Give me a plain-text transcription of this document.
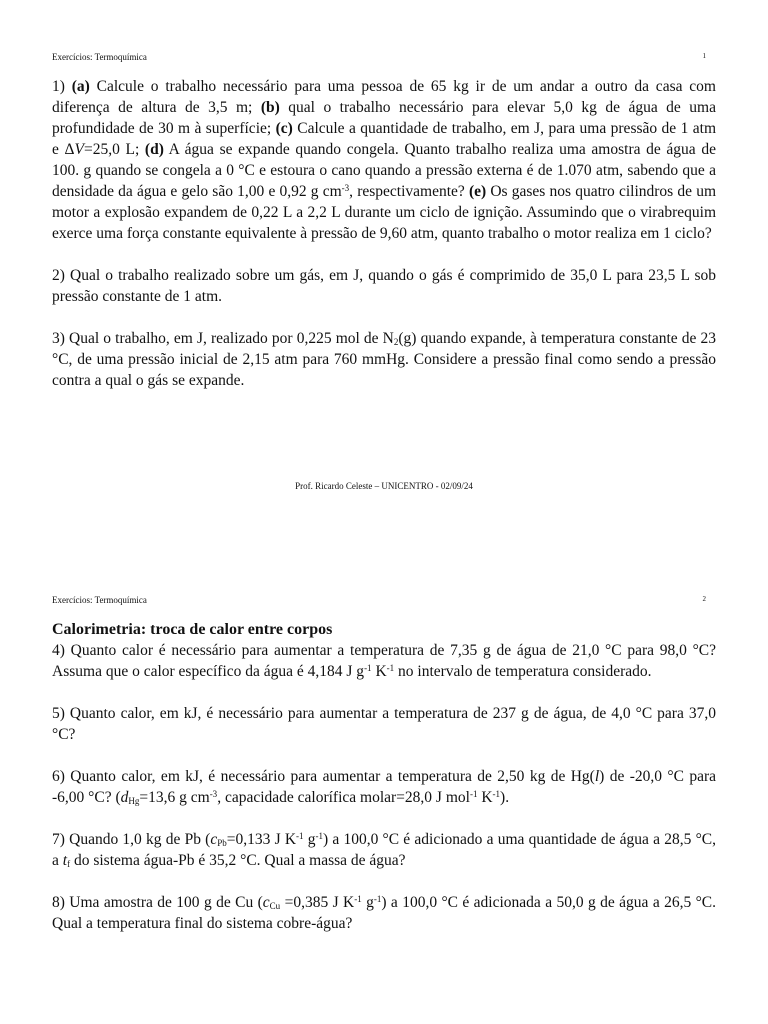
Exercícios: Termoquímica	1

1) (a) Calcule o trabalho necessário para uma pessoa de 65 kg ir de um andar a outro da casa com diferença de altura de 3,5 m; (b) qual o trabalho necessário para elevar 5,0 kg de água de uma profundidade de 30 m à superfície; (c) Calcule a quantidade de trabalho, em J, para uma pressão de 1 atm e ΔV=25,0 L; (d) A água se expande quando congela. Quanto trabalho realiza uma amostra de água de 100. g quando se congela a 0 °C e estoura o cano quando a pressão externa é de 1.070 atm, sabendo que a densidade da água e gelo são 1,00 e 0,92 g $cm^{-3}$, respectivamente? (e) Os gases nos quatro cilindros de um motor a explosão expandem de 0,22 L a 2,2 L durante um ciclo de ignição. Assumindo que o virabrequim exerce uma força constante equivalente à pressão de 9,60 atm, quanto trabalho o motor realiza em 1 ciclo?

2) Qual o trabalho realizado sobre um gás, em J, quando o gás é comprimido de 35,0 L para 23,5 L sob pressão constante de 1 atm.

3) Qual o trabalho, em J, realizado por 0,225 mol de $N_2(g)$ quando expande, à temperatura constante de 23 °C, de uma pressão inicial de 2,15 atm para 760 mmHg. Considere a pressão final como sendo a pressão contra a qual o gás se expande.

Prof. Ricardo Celeste – UNICENTRO - 02/09/24
Exercícios: Termoquímica	2

Calorimetria: troca de calor entre corpos

4) Quanto calor é necessário para aumentar a temperatura de 7,35 g de água de 21,0 °C para 98,0 °C? Assuma que o calor específico da água é 4,184 J $g^{-1}$ $K^{-1}$ no intervalo de temperatura considerado.

5) Quanto calor, em kJ, é necessário para aumentar a temperatura de 237 g de água, de 4,0 °C para 37,0 °C?

6) Quanto calor, em kJ, é necessário para aumentar a temperatura de 2,50 kg de Hg(l) de -20,0 °C para -6,00 °C? ($d_{Hg}=13,6$ g $cm^{-3}$, capacidade calorífica molar=28,0 J mol$^{-1}$ $K^{-1}$).

7) Quando 1,0 kg de Pb ($c_{Pb}=0,133$ J $K^{-1}$ $g^{-1}$) a 100,0 °C é adicionado a uma quantidade de água a 28,5 °C, a $t_f$ do sistema água-Pb é 35,2 °C. Qual a massa de água?

8) Uma amostra de 100 g de Cu ($c_{Cu} =0,385$ J $K^{-1}$ $g^{-1}$) a 100,0 °C é adicionada a 50,0 g de água a 26,5 °C. Qual a temperatura final do sistema cobre-água?
